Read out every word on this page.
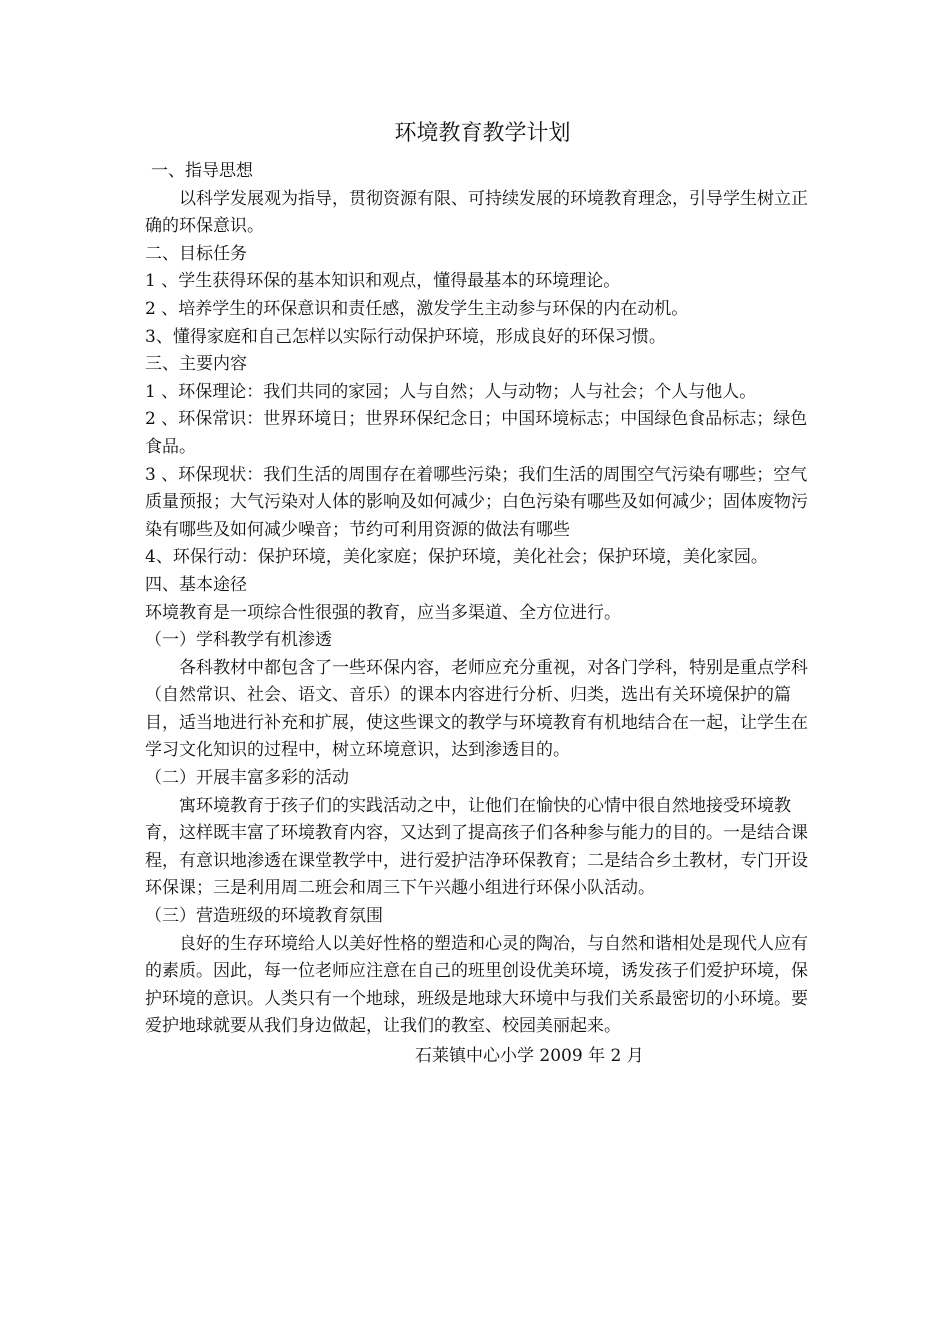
环境教育教学计划

一、指导思想

以科学发展观为指导，贯彻资源有限、可持续发展的环境教育理念，引导学生树立正确的环保意识。

二、目标任务

1 、学生获得环保的基本知识和观点，懂得最基本的环境理论。

2 、培养学生的环保意识和责任感，激发学生主动参与环保的内在动机。

3、懂得家庭和自己怎样以实际行动保护环境，形成良好的环保习惯。

三、主要内容

1 、环保理论：我们共同的家园；人与自然；人与动物；人与社会；个人与他人。

2 、环保常识：世界环境日；世界环保纪念日；中国环境标志；中国绿色食品标志；绿色食品。

3 、环保现状：我们生活的周围存在着哪些污染；我们生活的周围空气污染有哪些；空气质量预报；大气污染对人体的影响及如何减少；白色污染有哪些及如何减少；固体废物污染有哪些及如何减少噪音；节约可利用资源的做法有哪些

4、环保行动：保护环境，美化家庭；保护环境，美化社会；保护环境，美化家园。

四、基本途径

环境教育是一项综合性很强的教育，应当多渠道、全方位进行。

（一）学科教学有机渗透

各科教材中都包含了一些环保内容，老师应充分重视，对各门学科，特别是重点学科（自然常识、社会、语文、音乐）的课本内容进行分析、归类，选出有关环境保护的篇目，适当地进行补充和扩展，使这些课文的教学与环境教育有机地结合在一起，让学生在学习文化知识的过程中，树立环境意识，达到渗透目的。

（二）开展丰富多彩的活动

寓环境教育于孩子们的实践活动之中，让他们在愉快的心情中很自然地接受环境教育，这样既丰富了环境教育内容，又达到了提高孩子们各种参与能力的目的。一是结合课程，有意识地渗透在课堂教学中，进行爱护洁净环保教育；二是结合乡土教材，专门开设环保课；三是利用周二班会和周三下午兴趣小组进行环保小队活动。

（三）营造班级的环境教育氛围

良好的生存环境给人以美好性格的塑造和心灵的陶冶，与自然和谐相处是现代人应有的素质。因此，每一位老师应注意在自己的班里创设优美环境，诱发孩子们爱护环境，保护环境的意识。人类只有一个地球，班级是地球大环境中与我们关系最密切的小环境。要爱护地球就要从我们身边做起，让我们的教室、校园美丽起来。

石莱镇中心小学 2009 年 2 月
